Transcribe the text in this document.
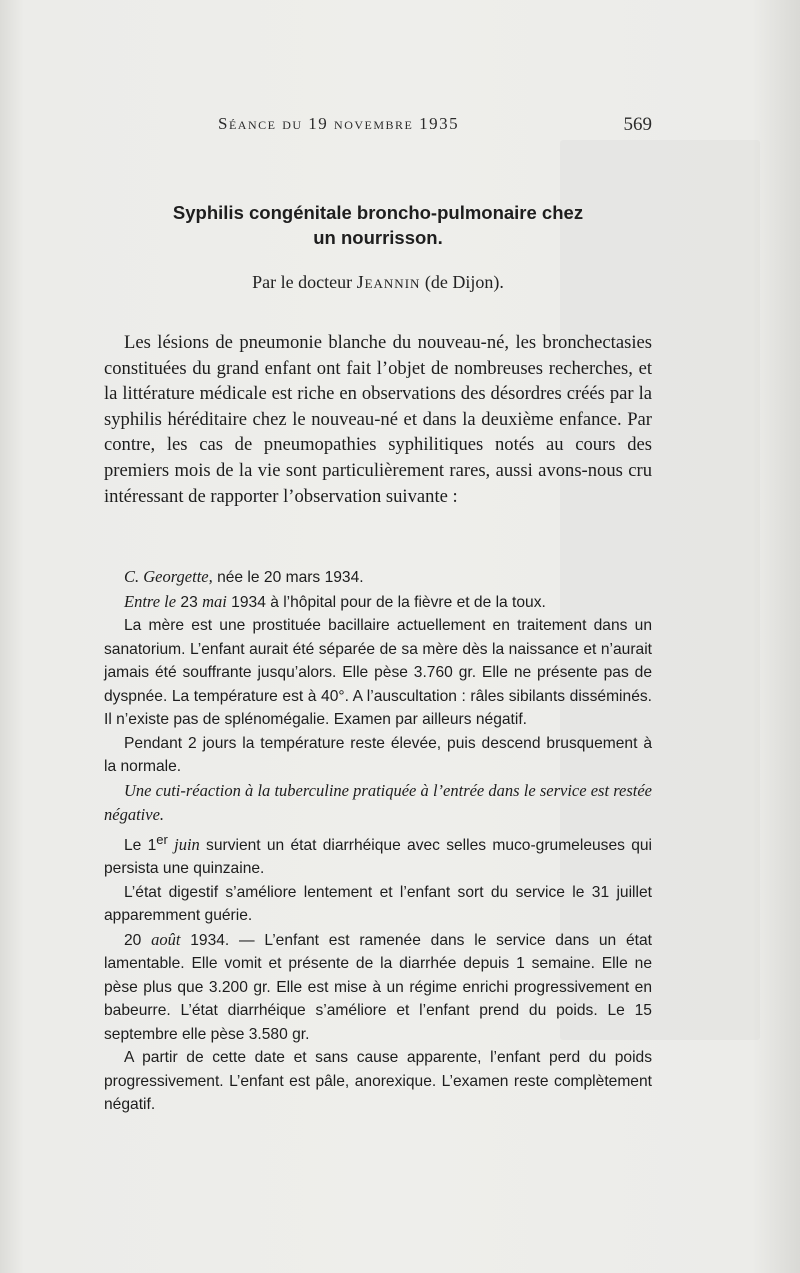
Séance du 19 novembre 1935	569
Syphilis congénitale broncho-pulmonaire chez
un nourrisson.
Par le docteur Jeannin (de Dijon).

Les lésions de pneumonie blanche du nouveau-né, les bronchectasies constituées du grand enfant ont fait l’objet de nombreuses recherches, et la littérature médicale est riche en observations des désordres créés par la syphilis héréditaire chez le nouveau-né et dans la deuxième enfance. Par contre, les cas de pneumopathies syphilitiques notés au cours des premiers mois de la vie sont particulièrement rares, aussi avons-nous cru intéressant de rapporter l’observation suivante :

C. Georgette, née le 20 mars 1934.

Entre le 23 mai 1934 à l’hôpital pour de la fièvre et de la toux.

La mère est une prostituée bacillaire actuellement en traitement dans un sanatorium. L’enfant aurait été séparée de sa mère dès la naissance et n’aurait jamais été souffrante jusqu’alors. Elle pèse 3.760 gr. Elle ne présente pas de dyspnée. La température est à 40°. A l’auscultation : râles sibilants disséminés. Il n’existe pas de splénomégalie. Examen par ailleurs négatif.

Pendant 2 jours la température reste élevée, puis descend brusquement à la normale.

Une cuti-réaction à la tuberculine pratiquée à l’entrée dans le service est restée négative.

Le 1er juin survient un état diarrhéique avec selles muco-grumeleuses qui persista une quinzaine.

L’état digestif s’améliore lentement et l’enfant sort du service le 31 juillet apparemment guérie.

20 août 1934. — L’enfant est ramenée dans le service dans un état lamentable. Elle vomit et présente de la diarrhée depuis 1 semaine. Elle ne pèse plus que 3.200 gr. Elle est mise à un régime enrichi progressivement en babeurre. L’état diarrhéique s’améliore et l’enfant prend du poids. Le 15 septembre elle pèse 3.580 gr.

A partir de cette date et sans cause apparente, l’enfant perd du poids progressivement. L’enfant est pâle, anorexique. L’examen reste complètement négatif.
